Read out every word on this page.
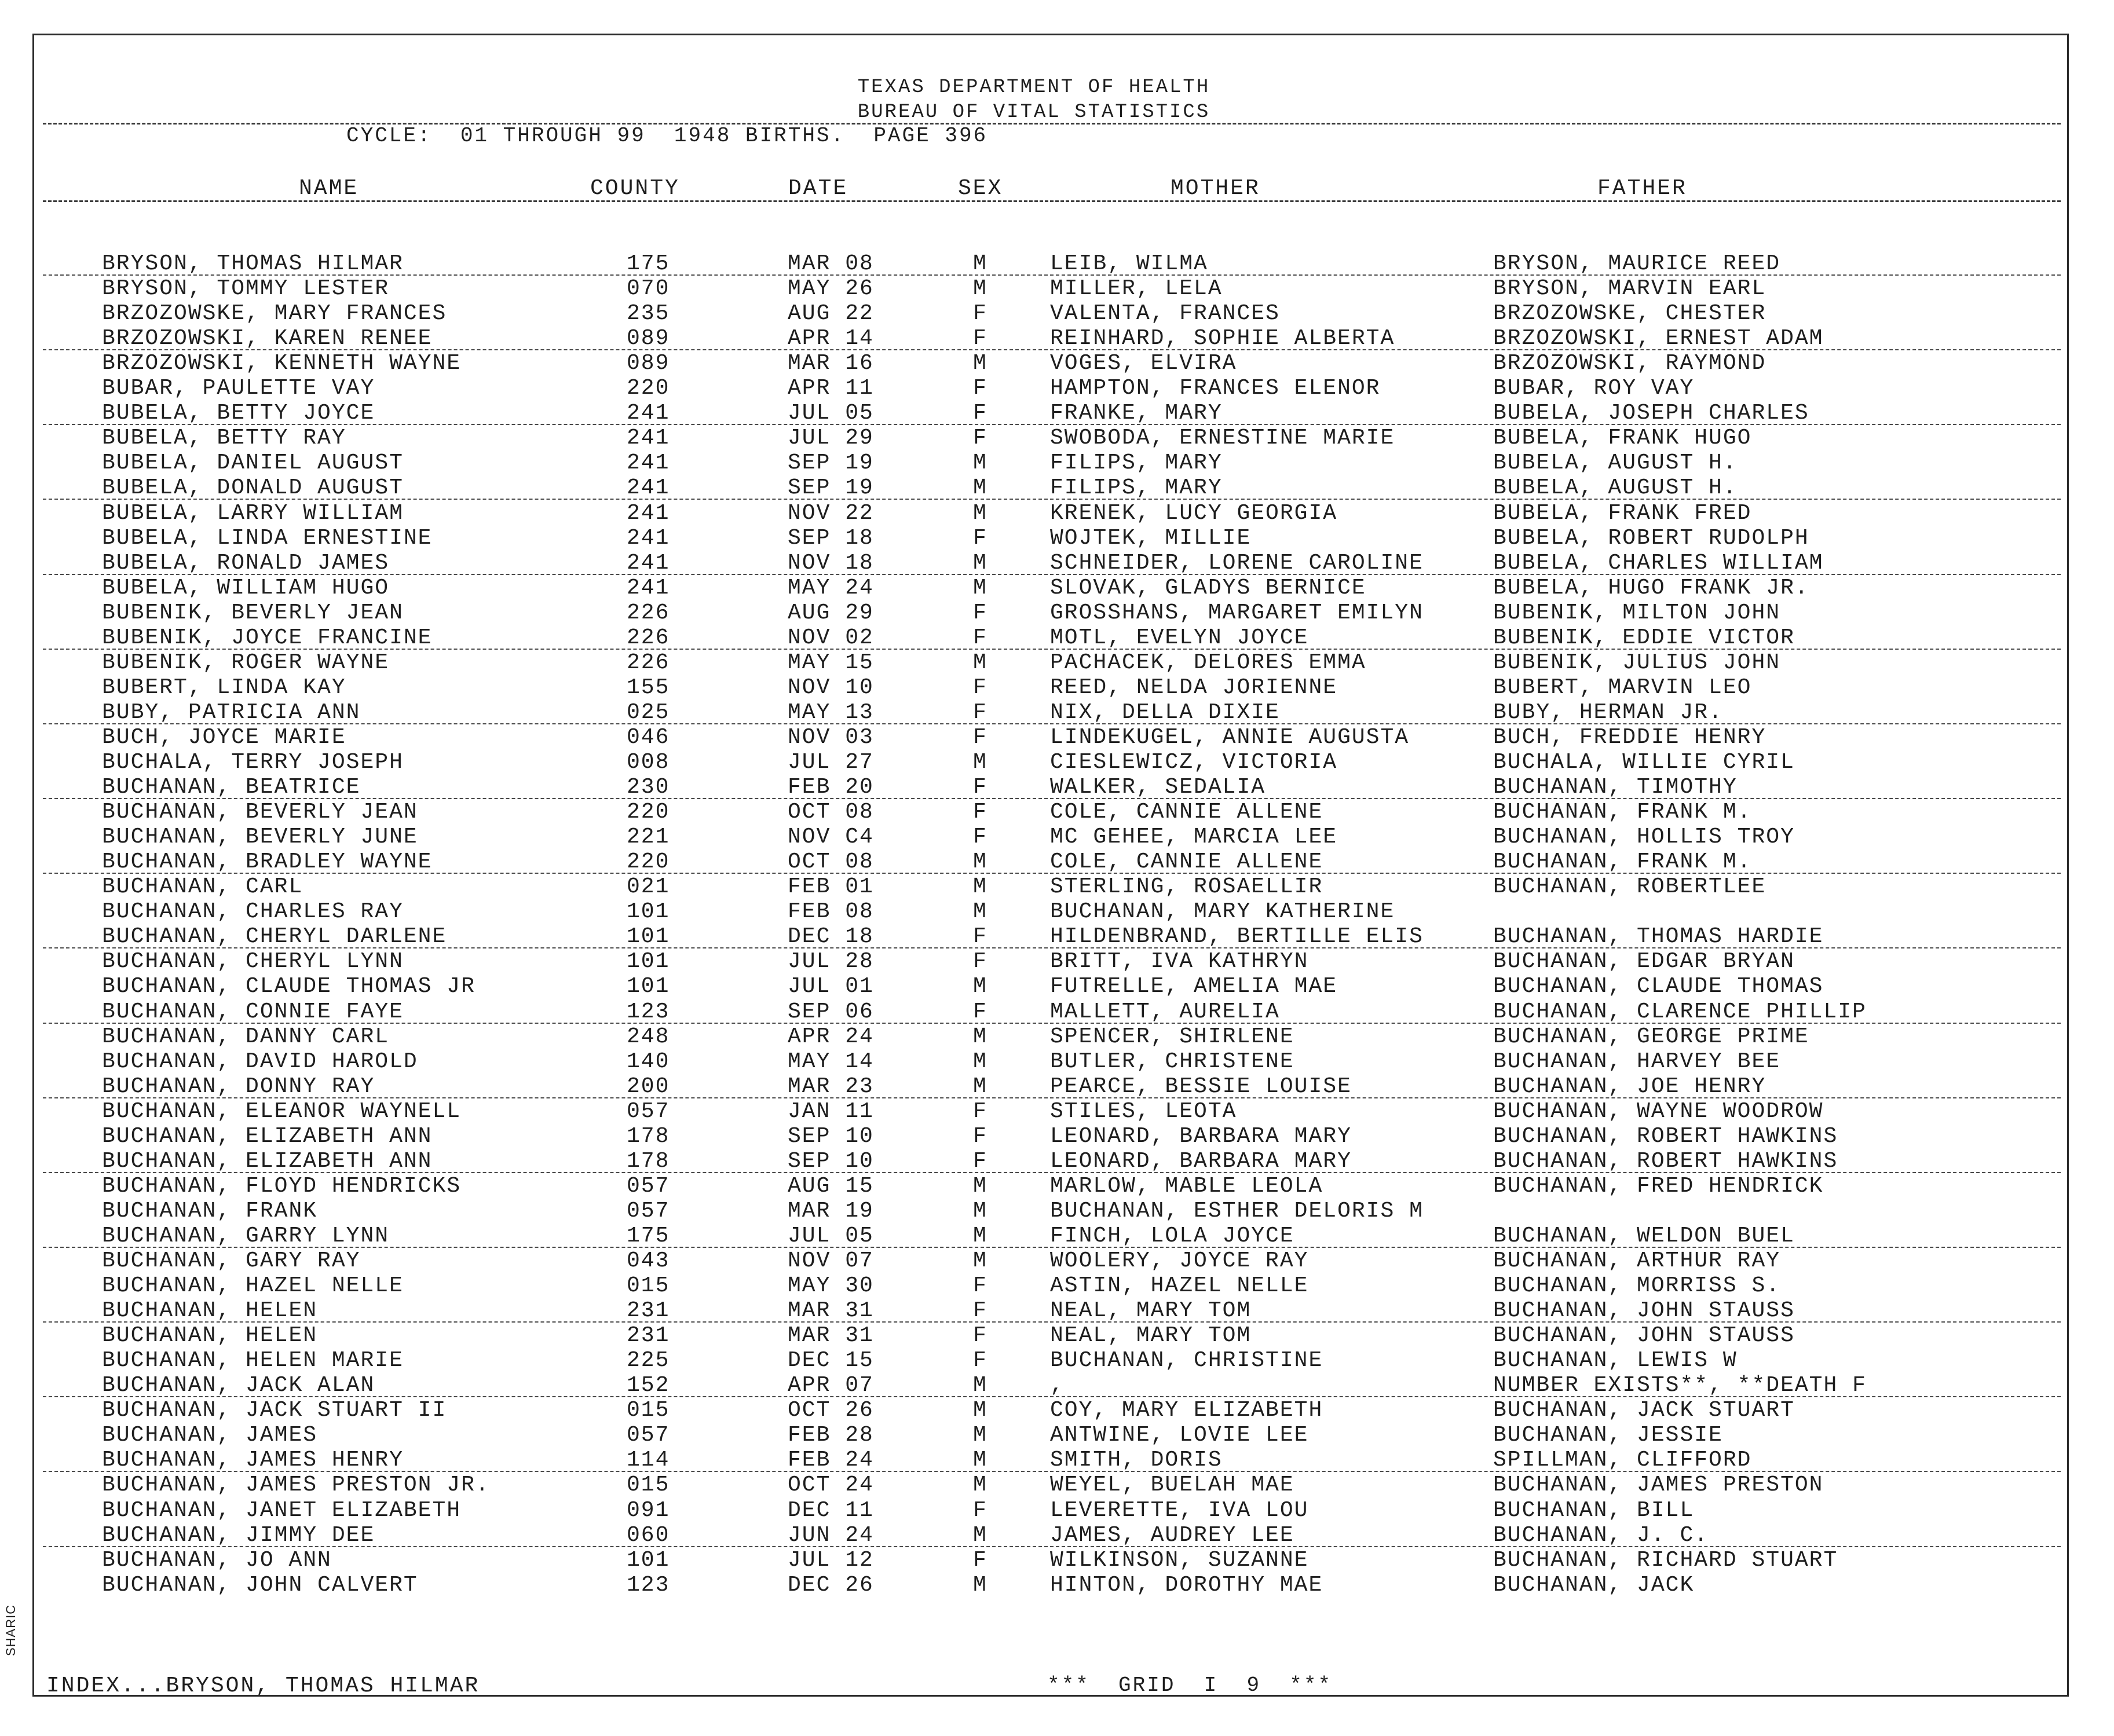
TEXAS DEPARTMENT OF HEALTH
BUREAU OF VITAL STATISTICS
CYCLE:  01 THROUGH 99  1948 BIRTHS.  PAGE 396
NAME	COUNTY	DATE	SEX	MOTHER	FATHER
BRYSON, THOMAS HILMAR	175	MAR 08	M	LEIB, WILMA	BRYSON, MAURICE REED
BRYSON, TOMMY LESTER	070	MAY 26	M	MILLER, LELA	BRYSON, MARVIN EARL
BRZOZOWSKE, MARY FRANCES	235	AUG 22	F	VALENTA, FRANCES	BRZOZOWSKE, CHESTER
BRZOZOWSKI, KAREN RENEE	089	APR 14	F	REINHARD, SOPHIE ALBERTA	BRZOZOWSKI, ERNEST ADAM
BRZOZOWSKI, KENNETH WAYNE	089	MAR 16	M	VOGES, ELVIRA	BRZOZOWSKI, RAYMOND
BUBAR, PAULETTE VAY	220	APR 11	F	HAMPTON, FRANCES ELENOR	BUBAR, ROY VAY
BUBELA, BETTY JOYCE	241	JUL 05	F	FRANKE, MARY	BUBELA, JOSEPH CHARLES
BUBELA, BETTY RAY	241	JUL 29	F	SWOBODA, ERNESTINE MARIE	BUBELA, FRANK HUGO
BUBELA, DANIEL AUGUST	241	SEP 19	M	FILIPS, MARY	BUBELA, AUGUST H.
BUBELA, DONALD AUGUST	241	SEP 19	M	FILIPS, MARY	BUBELA, AUGUST H.
BUBELA, LARRY WILLIAM	241	NOV 22	M	KRENEK, LUCY GEORGIA	BUBELA, FRANK FRED
BUBELA, LINDA ERNESTINE	241	SEP 18	F	WOJTEK, MILLIE	BUBELA, ROBERT RUDOLPH
BUBELA, RONALD JAMES	241	NOV 18	M	SCHNEIDER, LORENE CAROLINE	BUBELA, CHARLES WILLIAM
BUBELA, WILLIAM HUGO	241	MAY 24	M	SLOVAK, GLADYS BERNICE	BUBELA, HUGO FRANK JR.
BUBENIK, BEVERLY JEAN	226	AUG 29	F	GROSSHANS, MARGARET EMILYN	BUBENIK, MILTON JOHN
BUBENIK, JOYCE FRANCINE	226	NOV 02	F	MOTL, EVELYN JOYCE	BUBENIK, EDDIE VICTOR
BUBENIK, ROGER WAYNE	226	MAY 15	M	PACHACEK, DELORES EMMA	BUBENIK, JULIUS JOHN
BUBERT, LINDA KAY	155	NOV 10	F	REED, NELDA JORIENNE	BUBERT, MARVIN LEO
BUBY, PATRICIA ANN	025	MAY 13	F	NIX, DELLA DIXIE	BUBY, HERMAN JR.
BUCH, JOYCE MARIE	046	NOV 03	F	LINDEKUGEL, ANNIE AUGUSTA	BUCH, FREDDIE HENRY
BUCHALA, TERRY JOSEPH	008	JUL 27	M	CIESLEWICZ, VICTORIA	BUCHALA, WILLIE CYRIL
BUCHANAN, BEATRICE	230	FEB 20	F	WALKER, SEDALIA	BUCHANAN, TIMOTHY
BUCHANAN, BEVERLY JEAN	220	OCT 08	F	COLE, CANNIE ALLENE	BUCHANAN, FRANK M.
BUCHANAN, BEVERLY JUNE	221	NOV C4	F	MC GEHEE, MARCIA LEE	BUCHANAN, HOLLIS TROY
BUCHANAN, BRADLEY WAYNE	220	OCT 08	M	COLE, CANNIE ALLENE	BUCHANAN, FRANK M.
BUCHANAN, CARL	021	FEB 01	M	STERLING, ROSAELLIR	BUCHANAN, ROBERTLEE
BUCHANAN, CHARLES RAY	101	FEB 08	M	BUCHANAN, MARY KATHERINE
BUCHANAN, CHERYL DARLENE	101	DEC 18	F	HILDENBRAND, BERTILLE ELIS	BUCHANAN, THOMAS HARDIE
BUCHANAN, CHERYL LYNN	101	JUL 28	F	BRITT, IVA KATHRYN	BUCHANAN, EDGAR BRYAN
BUCHANAN, CLAUDE THOMAS JR	101	JUL 01	M	FUTRELLE, AMELIA MAE	BUCHANAN, CLAUDE THOMAS
BUCHANAN, CONNIE FAYE	123	SEP 06	F	MALLETT, AURELIA	BUCHANAN, CLARENCE PHILLIP
BUCHANAN, DANNY CARL	248	APR 24	M	SPENCER, SHIRLENE	BUCHANAN, GEORGE PRIME
BUCHANAN, DAVID HAROLD	140	MAY 14	M	BUTLER, CHRISTENE	BUCHANAN, HARVEY BEE
BUCHANAN, DONNY RAY	200	MAR 23	M	PEARCE, BESSIE LOUISE	BUCHANAN, JOE HENRY
BUCHANAN, ELEANOR WAYNELL	057	JAN 11	F	STILES, LEOTA	BUCHANAN, WAYNE WOODROW
BUCHANAN, ELIZABETH ANN	178	SEP 10	F	LEONARD, BARBARA MARY	BUCHANAN, ROBERT HAWKINS
BUCHANAN, ELIZABETH ANN	178	SEP 10	F	LEONARD, BARBARA MARY	BUCHANAN, ROBERT HAWKINS
BUCHANAN, FLOYD HENDRICKS	057	AUG 15	M	MARLOW, MABLE LEOLA	BUCHANAN, FRED HENDRICK
BUCHANAN, FRANK	057	MAR 19	M	BUCHANAN, ESTHER DELORIS M
BUCHANAN, GARRY LYNN	175	JUL 05	M	FINCH, LOLA JOYCE	BUCHANAN, WELDON BUEL
BUCHANAN, GARY RAY	043	NOV 07	M	WOOLERY, JOYCE RAY	BUCHANAN, ARTHUR RAY
BUCHANAN, HAZEL NELLE	015	MAY 30	F	ASTIN, HAZEL NELLE	BUCHANAN, MORRISS S.
BUCHANAN, HELEN	231	MAR 31	F	NEAL, MARY TOM	BUCHANAN, JOHN STAUSS
BUCHANAN, HELEN	231	MAR 31	F	NEAL, MARY TOM	BUCHANAN, JOHN STAUSS
BUCHANAN, HELEN MARIE	225	DEC 15	F	BUCHANAN, CHRISTINE	BUCHANAN, LEWIS W
BUCHANAN, JACK ALAN	152	APR 07	M	,	NUMBER EXISTS**, **DEATH F
BUCHANAN, JACK STUART II	015	OCT 26	M	COY, MARY ELIZABETH	BUCHANAN, JACK STUART
BUCHANAN, JAMES	057	FEB 28	M	ANTWINE, LOVIE LEE	BUCHANAN, JESSIE
BUCHANAN, JAMES HENRY	114	FEB 24	M	SMITH, DORIS	SPILLMAN, CLIFFORD
BUCHANAN, JAMES PRESTON JR.	015	OCT 24	M	WEYEL, BUELAH MAE	BUCHANAN, JAMES PRESTON
BUCHANAN, JANET ELIZABETH	091	DEC 11	F	LEVERETTE, IVA LOU	BUCHANAN, BILL
BUCHANAN, JIMMY DEE	060	JUN 24	M	JAMES, AUDREY LEE	BUCHANAN, J. C.
BUCHANAN, JO ANN	101	JUL 12	F	WILKINSON, SUZANNE	BUCHANAN, RICHARD STUART
BUCHANAN, JOHN CALVERT	123	DEC 26	M	HINTON, DOROTHY MAE	BUCHANAN, JACK
INDEX...BRYSON, THOMAS HILMAR	***  GRID  I  9  ***
SHARIC
